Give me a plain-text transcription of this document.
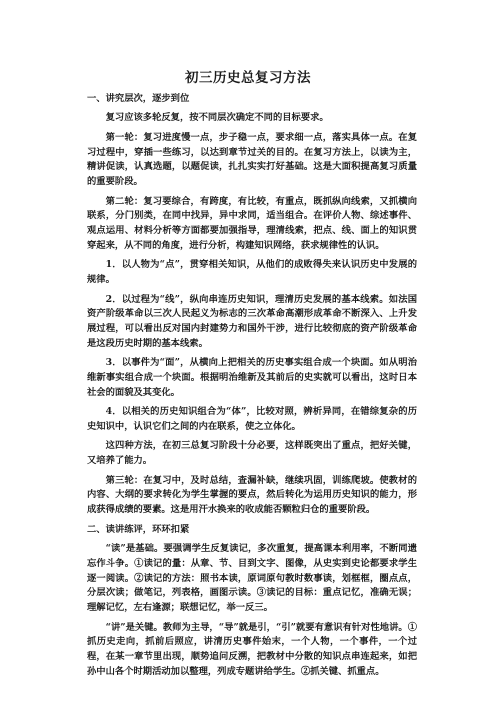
初三历史总复习方法

一、讲究层次，逐步到位

复习应该多轮反复，按不同层次确定不同的目标要求。

第一轮：复习进度慢一点，步子稳一点，要求细一点，落实具体一点。在复习过程中，穿插一些练习，以达到章节过关的目的。在复习方法上，以读为主，精讲促读，认真选题，以题促读，扎扎实实打好基础。这是大面积提高复习质量的重要阶段。

第二轮：复习要综合，有跨度，有比较，有重点，既抓纵向线索，又抓横向联系，分门别类，在同中找异，异中求同，适当组合。在评价人物、综述事件、观点运用、材料分析等方面都要加强指导，理清线索，把点、线、面上的知识贯穿起来，从不同的角度，进行分析，构建知识网络，获求规律性的认识。

1．以人物为“点”，贯穿相关知识，从他们的成败得失来认识历史中发展的规律。

2．以过程为“线”，纵向串连历史知识，理清历史发展的基本线索。如法国资产阶级革命以三次人民起义为标志的三次革命高潮形成革命不断深入、上升发展过程，可以看出反对国内封建势力和国外干涉，进行比较彻底的资产阶级革命是这段历史时期的基本线索。

3．以事件为“面”，从横向上把相关的历史事实组合成一个块面。如从明治维新事实组合成一个块面。根据明治维新及其前后的史实就可以看出，这时日本社会的面貌及其变化。

4．以相关的历史知识组合为“体”，比较对照，辨析异同，在错综复杂的历史知识中，认识它们之间的内在联系，使之立体化。

这四种方法，在初三总复习阶段十分必要，这样既突出了重点，把好关键，又培养了能力。

第三轮：在复习中，及时总结，查漏补缺，继续巩固，训练爬坡。使教材的内容、大纲的要求转化为学生掌握的要点，然后转化为运用历史知识的能力，形成获得成绩的要素。这是用汗水换来的收成能否颗粒归仓的重要阶段。

二、读讲练评，环环扣紧

“读”是基础。要强调学生反复读记，多次重复，提高课本利用率，不断同遗忘作斗争。①读记的量：从章、节、目到文字、图像，从史实到史论都要求学生逐一阅读。②读记的方法：照书本读，原词原句教时数事读，划框框，圈点点，分层次读；做笔记，列表格，画图示读。③读记的目标：重点记忆，准确无误；理解记忆，左右逢源；联想记忆，举一反三。

“讲”是关键。教师为主导，“导”就是引，“引”就要有意识有针对性地讲。①抓历史走向，抓前后照应，讲清历史事件始末，一个人物，一个事件，一个过程，在某一章节里出现，顺势追问反溯，把教材中分散的知识点串连起来，如把孙中山各个时期活动加以整理，列成专题讲给学生。②抓关键、抓重点。
